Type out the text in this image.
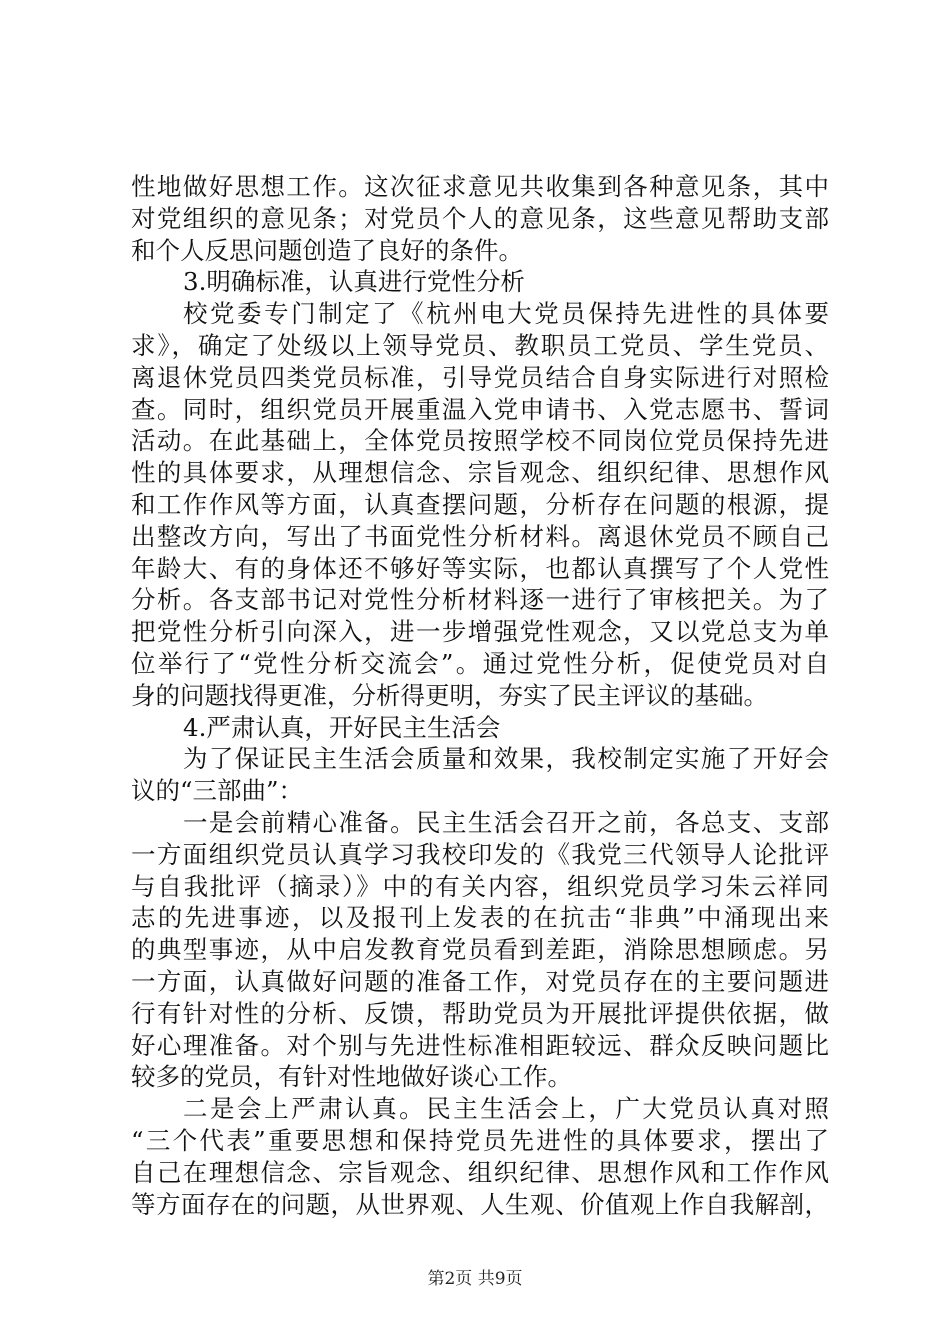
性地做好思想工作。这次征求意见共收集到各种意见条，其中
对党组织的意见条；对党员个人的意见条，这些意见帮助支部
和个人反思问题创造了良好的条件。
3.明确标准，认真进行党性分析
校党委专门制定了《杭州电大党员保持先进性的具体要
求》，确定了处级以上领导党员、教职员工党员、学生党员、
离退休党员四类党员标准，引导党员结合自身实际进行对照检
查。同时，组织党员开展重温入党申请书、入党志愿书、誓词
活动。在此基础上，全体党员按照学校不同岗位党员保持先进
性的具体要求，从理想信念、宗旨观念、组织纪律、思想作风
和工作作风等方面，认真查摆问题，分析存在问题的根源，提
出整改方向，写出了书面党性分析材料。离退休党员不顾自己
年龄大、有的身体还不够好等实际，也都认真撰写了个人党性
分析。各支部书记对党性分析材料逐一进行了审核把关。为了
把党性分析引向深入，进一步增强党性观念，又以党总支为单
位举行了“党性分析交流会”。通过党性分析，促使党员对自
身的问题找得更准，分析得更明，夯实了民主评议的基础。
4.严肃认真，开好民主生活会
为了保证民主生活会质量和效果，我校制定实施了开好会
议的“三部曲”：
一是会前精心准备。民主生活会召开之前，各总支、支部
一方面组织党员认真学习我校印发的《我党三代领导人论批评
与自我批评（摘录）》中的有关内容，组织党员学习朱云祥同
志的先进事迹，以及报刊上发表的在抗击“非典”中涌现出来
的典型事迹，从中启发教育党员看到差距，消除思想顾虑。另
一方面，认真做好问题的准备工作，对党员存在的主要问题进
行有针对性的分析、反馈，帮助党员为开展批评提供依据，做
好心理准备。对个别与先进性标准相距较远、群众反映问题比
较多的党员，有针对性地做好谈心工作。
二是会上严肃认真。民主生活会上，广大党员认真对照
“三个代表”重要思想和保持党员先进性的具体要求，摆出了
自己在理想信念、宗旨观念、组织纪律、思想作风和工作作风
等方面存在的问题，从世界观、人生观、价值观上作自我解剖，
第2页 共9页
